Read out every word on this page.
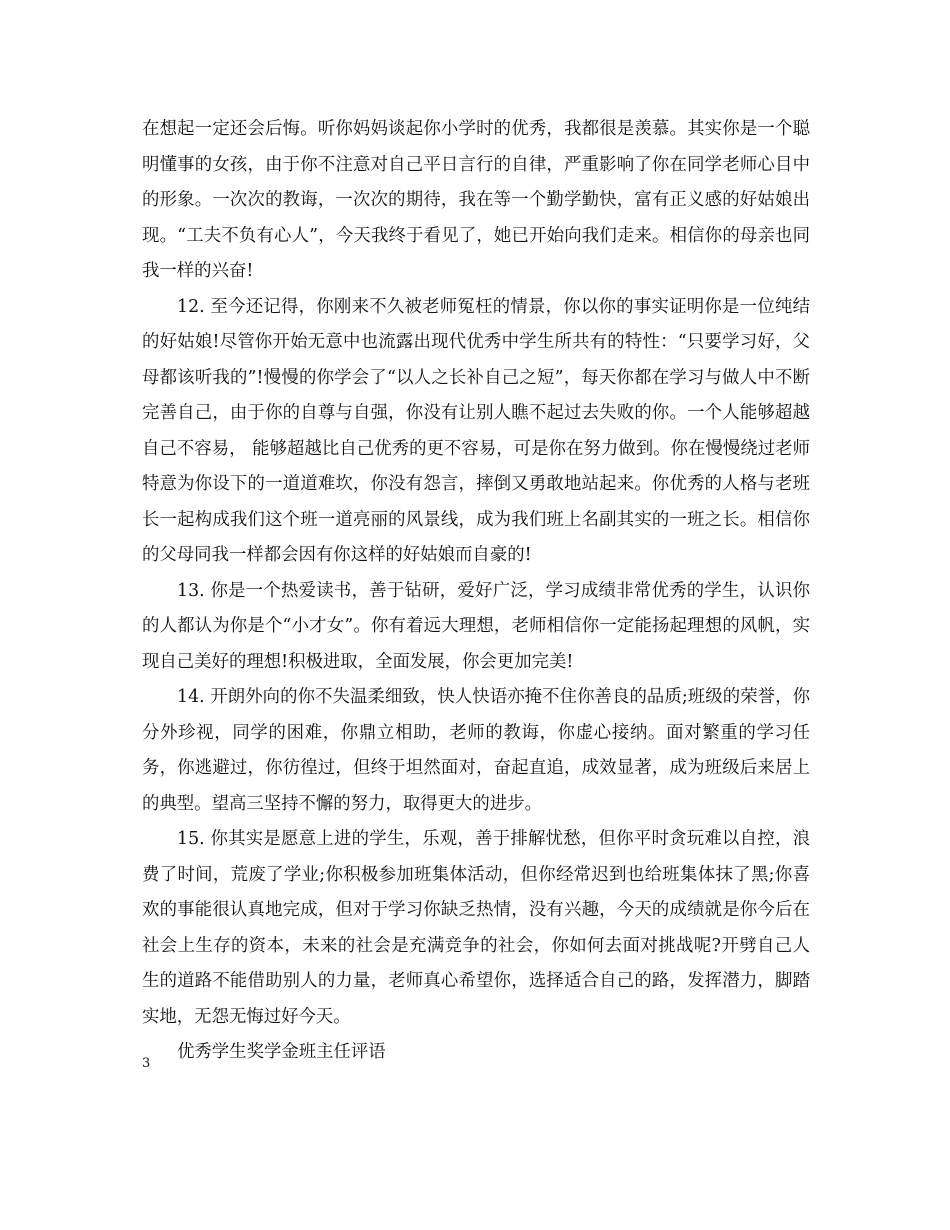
在想起一定还会后悔。听你妈妈谈起你小学时的优秀，我都很是羡慕。其实你是一个聪明懂事的女孩，由于你不注意对自己平日言行的自律，严重影响了你在同学老师心目中的形象。一次次的教诲，一次次的期待，我在等一个勤学勤快，富有正义感的好姑娘出现。“工夫不负有心人”，今天我终于看见了，她已开始向我们走来。相信你的母亲也同我一样的兴奋!

12. 至今还记得，你刚来不久被老师冤枉的情景，你以你的事实证明你是一位纯结的好姑娘!尽管你开始无意中也流露出现代优秀中学生所共有的特性：“只要学习好，父母都该听我的”!慢慢的你学会了“以人之长补自己之短”，每天你都在学习与做人中不断完善自己，由于你的自尊与自强，你没有让别人瞧不起过去失败的你。一个人能够超越自己不容易， 能够超越比自己优秀的更不容易，可是你在努力做到。你在慢慢绕过老师特意为你设下的一道道难坎，你没有怨言，摔倒又勇敢地站起来。你优秀的人格与老班长一起构成我们这个班一道亮丽的风景线，成为我们班上名副其实的一班之长。相信你的父母同我一样都会因有你这样的好姑娘而自豪的!

13. 你是一个热爱读书，善于钻研，爱好广泛，学习成绩非常优秀的学生，认识你的人都认为你是个“小才女”。你有着远大理想，老师相信你一定能扬起理想的风帆，实现自己美好的理想!积极进取，全面发展，你会更加完美!

14. 开朗外向的你不失温柔细致，快人快语亦掩不住你善良的品质;班级的荣誉，你分外珍视，同学的困难，你鼎立相助，老师的教诲，你虚心接纳。面对繁重的学习任务，你逃避过，你彷徨过，但终于坦然面对，奋起直追，成效显著，成为班级后来居上的典型。望高三坚持不懈的努力，取得更大的进步。

15. 你其实是愿意上进的学生，乐观，善于排解忧愁，但你平时贪玩难以自控，浪费了时间，荒废了学业;你积极参加班集体活动，但你经常迟到也给班集体抹了黑;你喜欢的事能很认真地完成，但对于学习你缺乏热情，没有兴趣，今天的成绩就是你今后在社会上生存的资本，未来的社会是充满竞争的社会，你如何去面对挑战呢?开劈自己人生的道路不能借助别人的力量，老师真心希望你，选择适合自己的路，发挥潜力，脚踏实地，无怨无悔过好今天。

优秀学生奖学金班主任评语

3
